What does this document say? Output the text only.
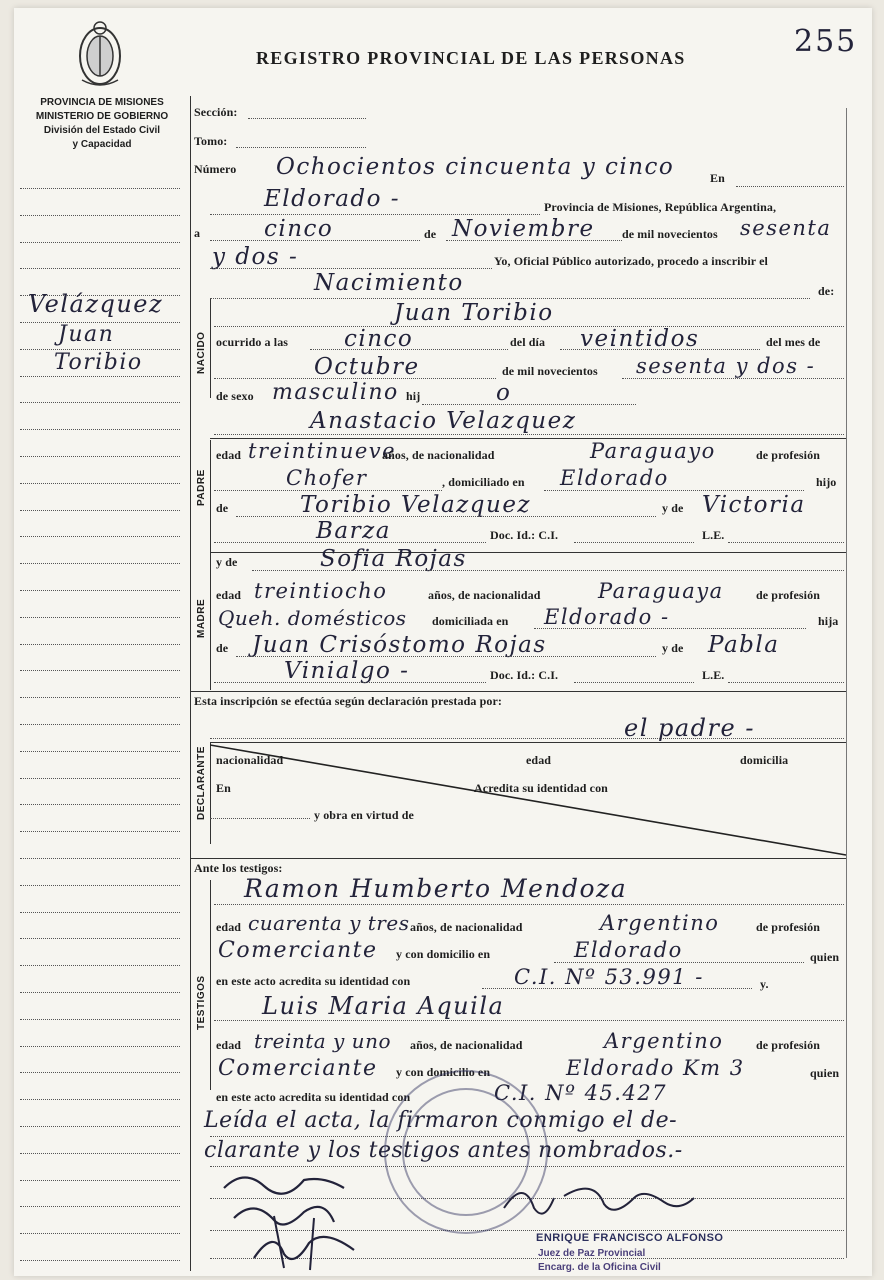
REGISTRO PROVINCIAL DE LAS PERSONAS	255
PROVINCIA DE MISIONES
MINISTERIO DE GOBIERNO
División del Estado Civil
y Capacidad
Velázquez
Juan
Toribio	NACIDO
PADRE
MADRE
DECLARANTE
TESTIGOS
Sección:
Tomo:
Número Ochocientos cincuenta y cinco	En
Eldorado -	Provincia de Misiones, República Argentina,
a	cinco	de Noviembre de mil novecientos sesenta
y dos -	Yo, Oficial Público autorizado, procedo a inscribir el
Nacimiento	de:
Juan Toribio
ocurrido a las cinco	del día veintidos	del mes de
Octubre	de mil novecientos sesenta y dos -
de sexo masculino hij	o
Anastacio Velazquez
edad treintinueve
años, de nacionalidad	Paraguayo	de profesión
Chofer	, domiciliado en Eldorado	hijo
de	Toribio Velazquez	y de Victoria
Barza	Doc. Id.: C.I.	L.E.
y de	Sofia Rojas
edad treintiocho	años, de nacionalidad	Paraguaya	de profesión
Queh. domésticos domiciliada en Eldorado -	hija
de Juan Crisóstomo Rojas	y de Pabla
Vinialgo -	Doc. Id.: C.I.	L.E.
Esta inscripción se efectúa según declaración prestada por:
el padre -
nacionalidad	edad	domicilia
En	Acredita su identidad con
y obra en virtud de
Ante los testigos:
Ramon Humberto Mendoza
edad cuarenta y tres años, de nacionalidad	Argentino	de profesión
Comerciante y con domicilio en	Eldorado	quien
en este acto acredita su identidad con	C.I. Nº 53.991 -	y.
Luis Maria Aquila
edad treinta y uno años, de nacionalidad	Argentino	de profesión
Comerciante y con domicilio en	Eldorado Km 3	quien
en este acto acredita su identidad con	C.I. Nº 45.427
Leída el acta, la firmaron conmigo el de-
clarante y los testigos antes nombrados.-
ENRIQUE FRANCISCO ALFONSO
Juez de Paz Provincial
Encarg. de la Oficina Civil
